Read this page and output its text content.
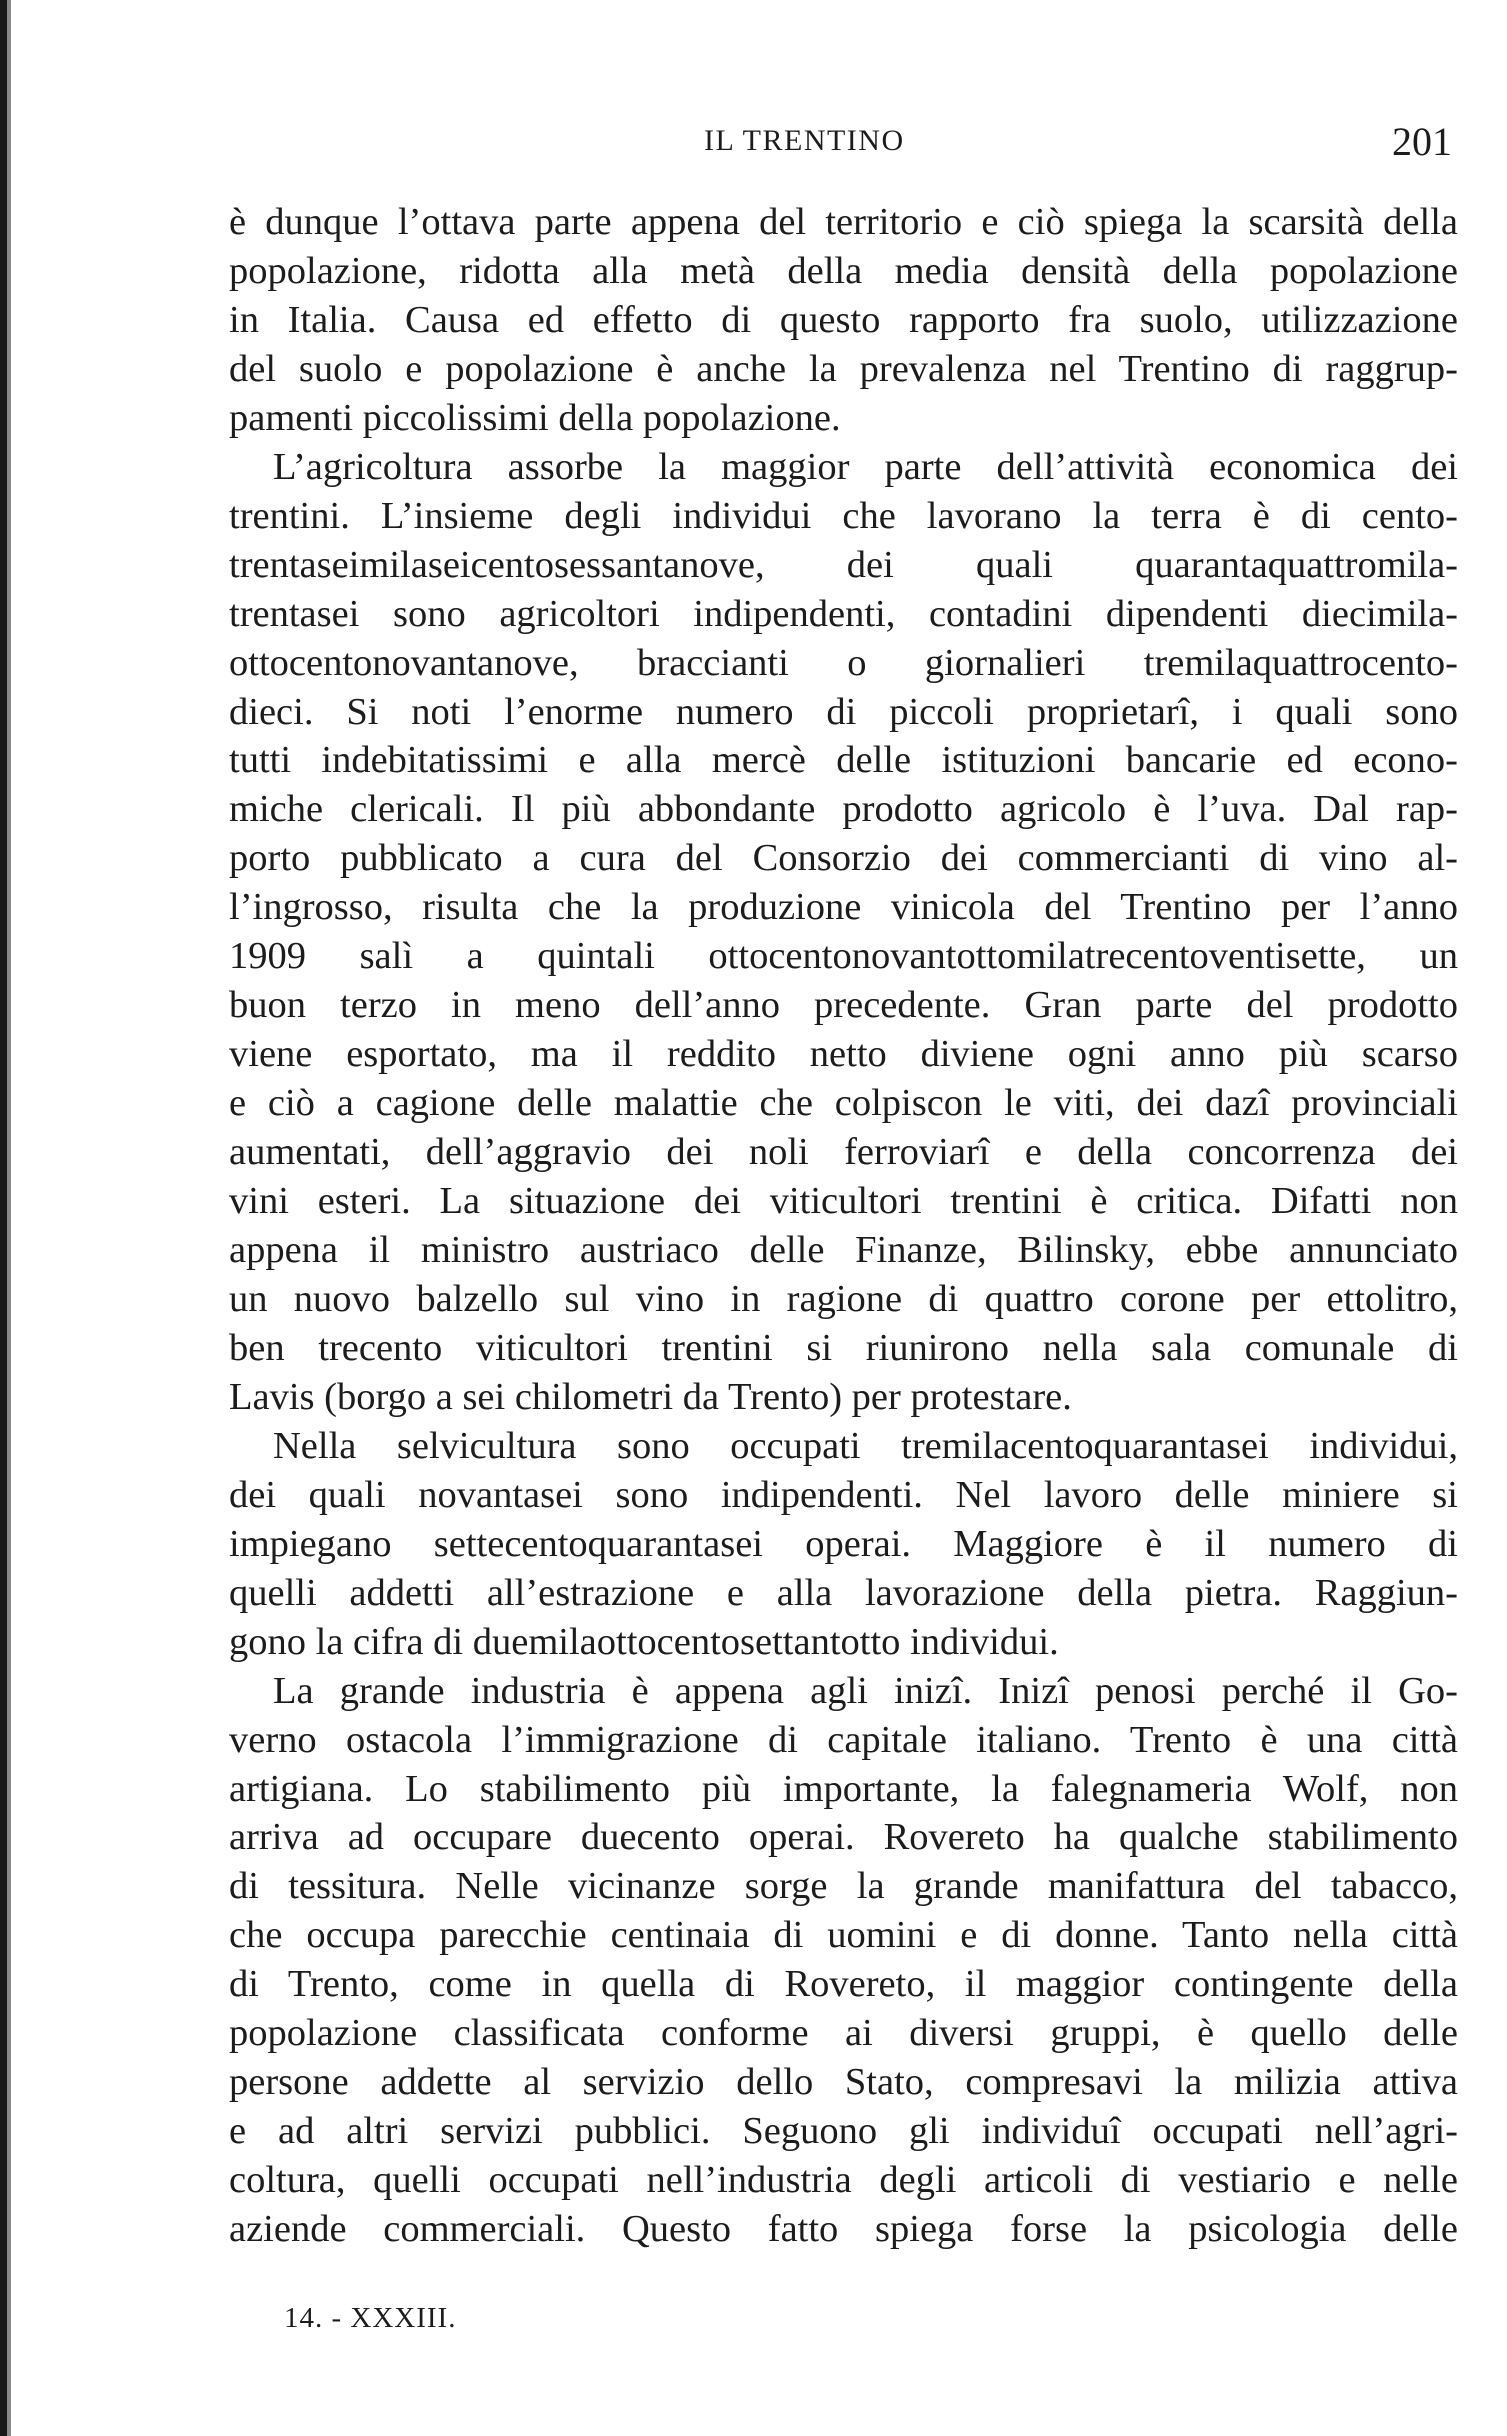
IL TRENTINO	201
è dunque l’ottava parte appena del territorio e ciò spiega la scarsità della
popolazione, ridotta alla metà della media densità della popolazione
in Italia. Causa ed effetto di questo rapporto fra suolo, utilizzazione
del suolo e popolazione è anche la prevalenza nel Trentino di raggrup-
pamenti piccolissimi della popolazione.
L’agricoltura assorbe la maggior parte dell’attività economica dei
trentini. L’insieme degli individui che lavorano la terra è di cento-
trentaseimilaseicentosessantanove, dei quali quarantaquattromila-
trentasei sono agricoltori indipendenti, contadini dipendenti diecimila-
ottocentonovantanove, braccianti o giornalieri tremilaquattrocento-
dieci. Si noti l’enorme numero di piccoli proprietarî, i quali sono
tutti indebitatissimi e alla mercè delle istituzioni bancarie ed econo-
miche clericali. Il più abbondante prodotto agricolo è l’uva. Dal rap-
porto pubblicato a cura del Consorzio dei commercianti di vino al-
l’ingrosso, risulta che la produzione vinicola del Trentino per l’anno
1909 salì a quintali ottocentonovantottomilatrecentoventisette, un
buon terzo in meno dell’anno precedente. Gran parte del prodotto
viene esportato, ma il reddito netto diviene ogni anno più scarso
e ciò a cagione delle malattie che colpiscon le viti, dei dazî provinciali
aumentati, dell’aggravio dei noli ferroviarî e della concorrenza dei
vini esteri. La situazione dei viticultori trentini è critica. Difatti non
appena il ministro austriaco delle Finanze, Bilinsky, ebbe annunciato
un nuovo balzello sul vino in ragione di quattro corone per ettolitro,
ben trecento viticultori trentini si riunirono nella sala comunale di
Lavis (borgo a sei chilometri da Trento) per protestare.
Nella selvicultura sono occupati tremilacentoquarantasei individui,
dei quali novantasei sono indipendenti. Nel lavoro delle miniere si
impiegano settecentoquarantasei operai. Maggiore è il numero di
quelli addetti all’estrazione e alla lavorazione della pietra. Raggiun-
gono la cifra di duemilaottocentosettantotto individui.
La grande industria è appena agli inizî. Inizî penosi perché il Go-
verno ostacola l’immigrazione di capitale italiano. Trento è una città
artigiana. Lo stabilimento più importante, la falegnameria Wolf, non
arriva ad occupare duecento operai. Rovereto ha qualche stabilimento
di tessitura. Nelle vicinanze sorge la grande manifattura del tabacco,
che occupa parecchie centinaia di uomini e di donne. Tanto nella città
di Trento, come in quella di Rovereto, il maggior contingente della
popolazione classificata conforme ai diversi gruppi, è quello delle
persone addette al servizio dello Stato, compresavi la milizia attiva
e ad altri servizi pubblici. Seguono gli individuî occupati nell’agri-
coltura, quelli occupati nell’industria degli articoli di vestiario e nelle
aziende commerciali. Questo fatto spiega forse la psicologia delle
14. - XXXIII.
